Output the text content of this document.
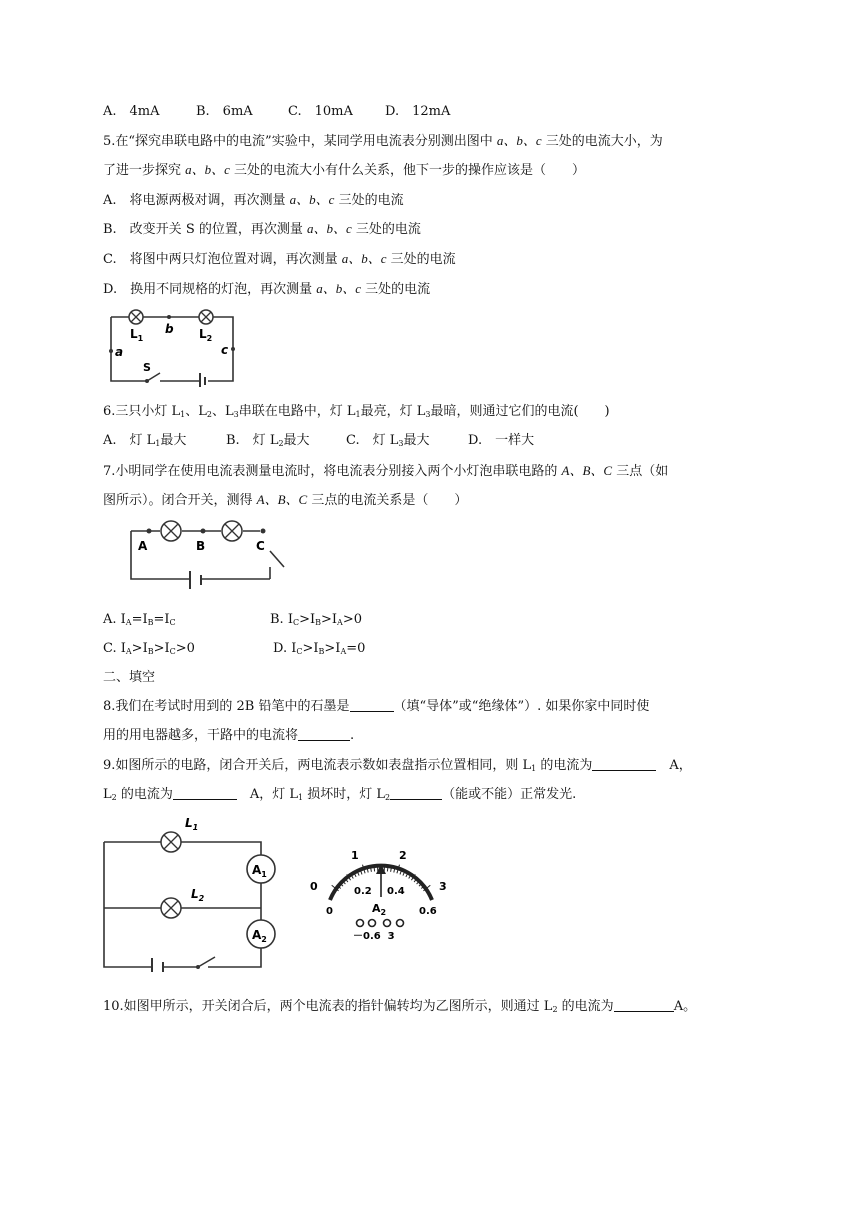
A.　4mA	B.　6mA	C.　10mA D.　12mA
5.在“探究串联电路中的电流”实验中，某同学用电流表分别测出图中 a、b、c 三处的电流大小，为
了进一步探究 a、b、c 三处的电流大小有什么关系，他下一步的操作应该是（　　）
A.　将电源两极对调，再次测量 a、b、c 三处的电流
B.　改变开关 S 的位置，再次测量 a、b、c 三处的电流
C.　将图中两只灯泡位置对调，再次测量 a、b、c 三处的电流
D.　换用不同规格的灯泡，再次测量 a、b、c 三处的电流
a
b
c
$L_1$	$L_2$
S
6.三只小灯 $L_1$、$L_2$、$L_3$串联在电路中，灯 $L_1$最亮，灯 $L_3$最暗，则通过它们的电流(　　)
A.　灯 $L_1$最大	B.　灯 $L_2$最大	C.　灯 $L_3$最大	D.　一样大
7.小明同学在使用电流表测量电流时，将电流表分别接入两个小灯泡串联电路的 A、B、C 三点（如
图所示）。闭合开关，测得 A、B、C 三点的电流关系是（　　）
A	B	C
A. $I_A=I_B=I_C$	B. $I_C>I_B>I_A>0$
C. $I_A>I_B>I_C>0$	D. $I_C>I_B>I_A=0$
二、填空
8.我们在考试时用到的 2B 铅笔中的石墨是	（填“导体”或“绝缘体”）. 如果你家中同时使
用的用电器越多，干路中的电流将	.
9.如图所示的电路，闭合开关后，两电流表示数如表盘指示位置相同，则 $L_1$ 的电流为	　A，
$L_2$ 的电流为	　A，灯 $L_1$ 损坏时，灯 $L_2$	（能或不能）正常发光.
$A_1$
$A_2$
$L_1$
$L_2$
0
1	2
3
0
0.2 0.4
0.6
$A_2$
－0.6  3
10.如图甲所示，开关闭合后，两个电流表的指针偏转均为乙图所示，则通过 $L_2$ 的电流为	A。
